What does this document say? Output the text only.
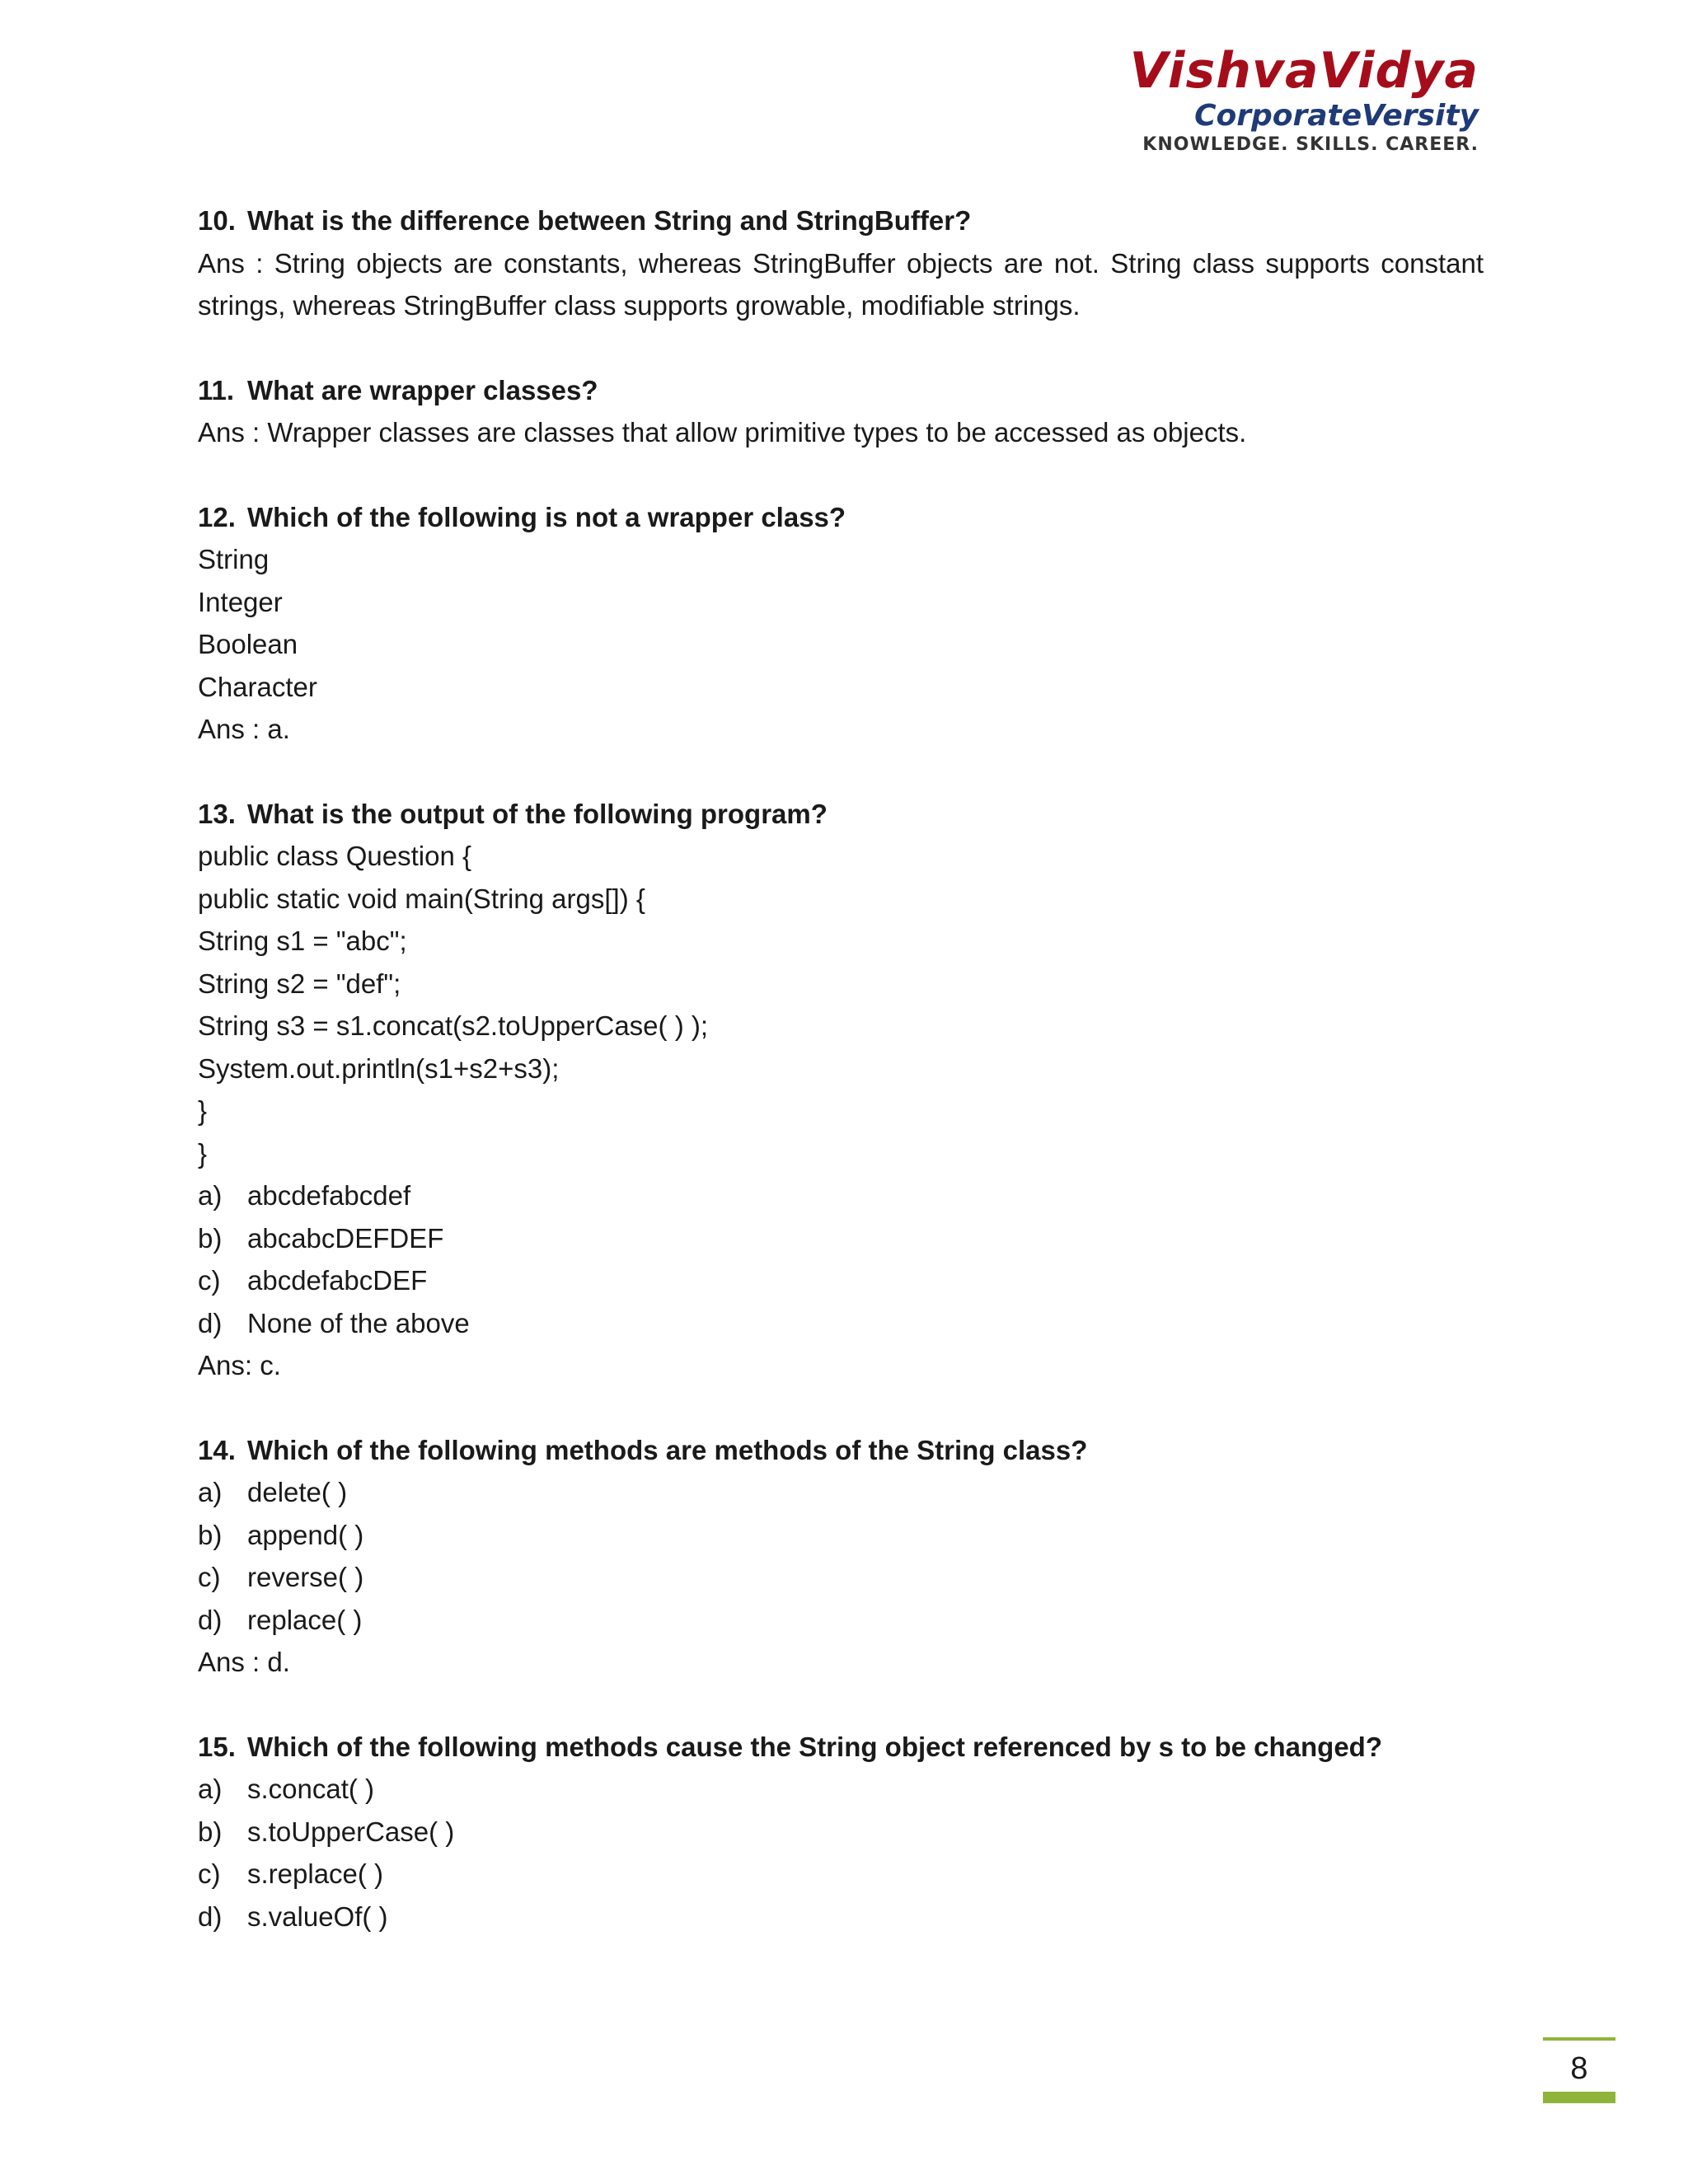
VishvaVidya
CorporateVersity
KNOWLEDGE. SKILLS. CAREER.
10. What is the difference between String and StringBuffer?
Ans : String objects are constants, whereas StringBuffer objects are not. String class supports constant strings, whereas StringBuffer class supports growable, modifiable strings.
11. What are wrapper classes?
Ans : Wrapper classes are classes that allow primitive types to be accessed as objects.
12. Which of the following is not a wrapper class?
String
Integer
Boolean
Character
Ans : a.
13. What is the output of the following program?
public class Question {
public static void main(String args[]) {
String s1 = "abc";
String s2 = "def";
String s3 = s1.concat(s2.toUpperCase( ) );
System.out.println(s1+s2+s3);
}
}
a) abcdefabcdef
b) abcabcDEFDEF
c) abcdefabcDEF
d) None of the above
Ans: c.
14. Which of the following methods are methods of the String class?
a) delete( )
b) append( )
c) reverse( )
d) replace( )
Ans : d.
15. Which of the following methods cause the String object referenced by s to be changed?
a) s.concat( )
b) s.toUpperCase( )
c) s.replace( )
d) s.valueOf( )
8
